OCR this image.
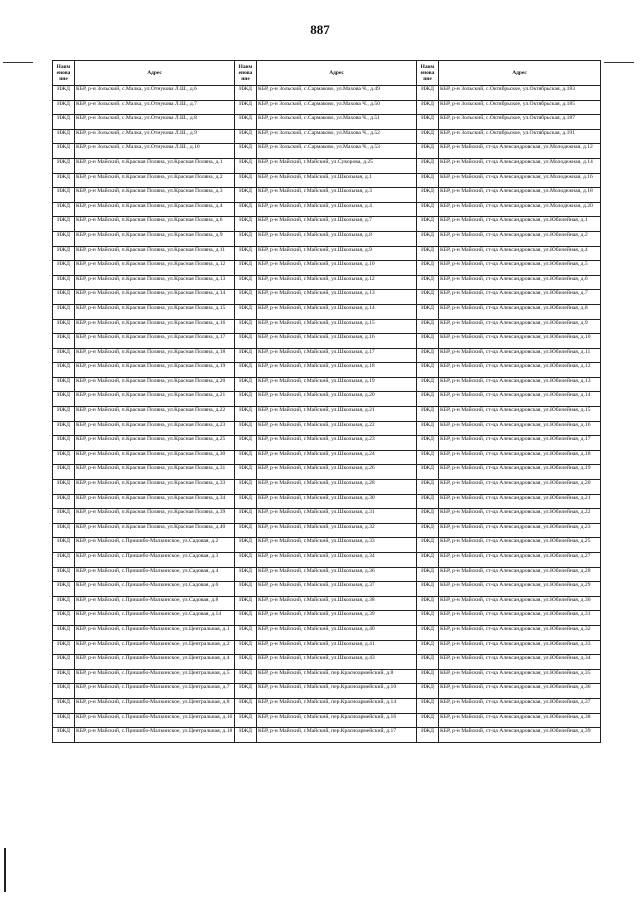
887
Наим енова ние	Адрес	Наим енова ние	Адрес	Наим енова ние	Адрес
ИЖД	КБР, р-н Зольский, с.Малка, ул.Отнукова Л.Ш., д.6	ИЖД	КБР, р-н Зольский, с.Сармаково, ул.Махова Ч., д.49	ИЖД	КБР, р-н Зольский, с.Октябрьское, ул.Октябрьская, д.183
ИЖД	КБР, р-н Зольский, с.Малка, ул.Отнукова Л.Ш., д.7	ИЖД	КБР, р-н Зольский, с.Сармаково, ул.Махова Ч., д.50	ИЖД	КБР, р-н Зольский, с.Октябрьское, ул.Октябрьская, д.185
ИЖД	КБР, р-н Зольский, с.Малка, ул.Отнукова Л.Ш., д.8	ИЖД	КБР, р-н Зольский, с.Сармаково, ул.Махова Ч., д.51	ИЖД	КБР, р-н Зольский, с.Октябрьское, ул.Октябрьская, д.187
ИЖД	КБР, р-н Зольский, с.Малка, ул.Отнукова Л.Ш., д.9	ИЖД	КБР, р-н Зольский, с.Сармаково, ул.Махова Ч., д.52	ИЖД	КБР, р-н Зольский, с.Октябрьское, ул.Октябрьская, д.191
ИЖД	КБР, р-н Зольский, с.Малка, ул.Отнукова Л.Ш., д.10	ИЖД	КБР, р-н Зольский, с.Сармаково, ул.Махова Ч., д.53	ИЖД	КБР, р-н Майский, ст-ца Александровская, ул.Молодежная, д.12
ИЖД	КБР, р-н Майский, п.Красная Поляна, ул.Красная Поляна, д.1	ИЖД	КБР, р-н Майский, г.Майский, ул.Суворова, д.25	ИЖД	КБР, р-н Майский, ст-ца Александровская, ул.Молодежная, д.14
ИЖД	КБР, р-н Майский, п.Красная Поляна, ул.Красная Поляна, д.2	ИЖД	КБР, р-н Майский, г.Майский, ул.Школьная, д.1	ИЖД	КБР, р-н Майский, ст-ца Александровская, ул.Молодежная, д.16
ИЖД	КБР, р-н Майский, п.Красная Поляна, ул.Красная Поляна, д.3	ИЖД	КБР, р-н Майский, г.Майский, ул.Школьная, д.3	ИЖД	КБР, р-н Майский, ст-ца Александровская, ул.Молодежная, д.18
ИЖД	КБР, р-н Майский, п.Красная Поляна, ул.Красная Поляна, д.4	ИЖД	КБР, р-н Майский, г.Майский, ул.Школьная, д.4	ИЖД	КБР, р-н Майский, ст-ца Александровская, ул.Молодежная, д.20
ИЖД	КБР, р-н Майский, п.Красная Поляна, ул.Красная Поляна, д.6	ИЖД	КБР, р-н Майский, г.Майский, ул.Школьная, д.7	ИЖД	КБР, р-н Майский, ст-ца Александровская, ул.Юбилейная, д.1
ИЖД	КБР, р-н Майский, п.Красная Поляна, ул.Красная Поляна, д.9	ИЖД	КБР, р-н Майский, г.Майский, ул.Школьная, д.8	ИЖД	КБР, р-н Майский, ст-ца Александровская, ул.Юбилейная, д.2
ИЖД	КБР, р-н Майский, п.Красная Поляна, ул.Красная Поляна, д.11	ИЖД	КБР, р-н Майский, г.Майский, ул.Школьная, д.9	ИЖД	КБР, р-н Майский, ст-ца Александровская, ул.Юбилейная, д.4
ИЖД	КБР, р-н Майский, п.Красная Поляна, ул.Красная Поляна, д.12	ИЖД	КБР, р-н Майский, г.Майский, ул.Школьная, д.10	ИЖД	КБР, р-н Майский, ст-ца Александровская, ул.Юбилейная, д.5
ИЖД	КБР, р-н Майский, п.Красная Поляна, ул.Красная Поляна, д.13	ИЖД	КБР, р-н Майский, г.Майский, ул.Школьная, д.12	ИЖД	КБР, р-н Майский, ст-ца Александровская, ул.Юбилейная, д.6
ИЖД	КБР, р-н Майский, п.Красная Поляна, ул.Красная Поляна, д.14	ИЖД	КБР, р-н Майский, г.Майский, ул.Школьная, д.13	ИЖД	КБР, р-н Майский, ст-ца Александровская, ул.Юбилейная, д.7
ИЖД	КБР, р-н Майский, п.Красная Поляна, ул.Красная Поляна, д.15	ИЖД	КБР, р-н Майский, г.Майский, ул.Школьная, д.14	ИЖД	КБР, р-н Майский, ст-ца Александровская, ул.Юбилейная, д.8
ИЖД	КБР, р-н Майский, п.Красная Поляна, ул.Красная Поляна, д.16	ИЖД	КБР, р-н Майский, г.Майский, ул.Школьная, д.15	ИЖД	КБР, р-н Майский, ст-ца Александровская, ул.Юбилейная, д.9
ИЖД	КБР, р-н Майский, п.Красная Поляна, ул.Красная Поляна, д.17	ИЖД	КБР, р-н Майский, г.Майский, ул.Школьная, д.16	ИЖД	КБР, р-н Майский, ст-ца Александровская, ул.Юбилейная, д.10
ИЖД	КБР, р-н Майский, п.Красная Поляна, ул.Красная Поляна, д.18	ИЖД	КБР, р-н Майский, г.Майский, ул.Школьная, д.17	ИЖД	КБР, р-н Майский, ст-ца Александровская, ул.Юбилейная, д.11
ИЖД	КБР, р-н Майский, п.Красная Поляна, ул.Красная Поляна, д.19	ИЖД	КБР, р-н Майский, г.Майский, ул.Школьная, д.18	ИЖД	КБР, р-н Майский, ст-ца Александровская, ул.Юбилейная, д.12
ИЖД	КБР, р-н Майский, п.Красная Поляна, ул.Красная Поляна, д.20	ИЖД	КБР, р-н Майский, г.Майский, ул.Школьная, д.19	ИЖД	КБР, р-н Майский, ст-ца Александровская, ул.Юбилейная, д.13
ИЖД	КБР, р-н Майский, п.Красная Поляна, ул.Красная Поляна, д.21	ИЖД	КБР, р-н Майский, г.Майский, ул.Школьная, д.20	ИЖД	КБР, р-н Майский, ст-ца Александровская, ул.Юбилейная, д.14
ИЖД	КБР, р-н Майский, п.Красная Поляна, ул.Красная Поляна, д.22	ИЖД	КБР, р-н Майский, г.Майский, ул.Школьная, д.21	ИЖД	КБР, р-н Майский, ст-ца Александровская, ул.Юбилейная, д.15
ИЖД	КБР, р-н Майский, п.Красная Поляна, ул.Красная Поляна, д.23	ИЖД	КБР, р-н Майский, г.Майский, ул.Школьная, д.22	ИЖД	КБР, р-н Майский, ст-ца Александровская, ул.Юбилейная, д.16
ИЖД	КБР, р-н Майский, п.Красная Поляна, ул.Красная Поляна, д.25	ИЖД	КБР, р-н Майский, г.Майский, ул.Школьная, д.23	ИЖД	КБР, р-н Майский, ст-ца Александровская, ул.Юбилейная, д.17
ИЖД	КБР, р-н Майский, п.Красная Поляна, ул.Красная Поляна, д.30	ИЖД	КБР, р-н Майский, г.Майский, ул.Школьная, д.24	ИЖД	КБР, р-н Майский, ст-ца Александровская, ул.Юбилейная, д.18
ИЖД	КБР, р-н Майский, п.Красная Поляна, ул.Красная Поляна, д.31	ИЖД	КБР, р-н Майский, г.Майский, ул.Школьная, д.26	ИЖД	КБР, р-н Майский, ст-ца Александровская, ул.Юбилейная, д.19
ИЖД	КБР, р-н Майский, п.Красная Поляна, ул.Красная Поляна, д.33	ИЖД	КБР, р-н Майский, г.Майский, ул.Школьная, д.28	ИЖД	КБР, р-н Майский, ст-ца Александровская, ул.Юбилейная, д.20
ИЖД	КБР, р-н Майский, п.Красная Поляна, ул.Красная Поляна, д.34	ИЖД	КБР, р-н Майский, г.Майский, ул.Школьная, д.30	ИЖД	КБР, р-н Майский, ст-ца Александровская, ул.Юбилейная, д.21
ИЖД	КБР, р-н Майский, п.Красная Поляна, ул.Красная Поляна, д.39	ИЖД	КБР, р-н Майский, г.Майский, ул.Школьная, д.31	ИЖД	КБР, р-н Майский, ст-ца Александровская, ул.Юбилейная, д.22
ИЖД	КБР, р-н Майский, п.Красная Поляна, ул.Красная Поляна, д.40	ИЖД	КБР, р-н Майский, г.Майский, ул.Школьная, д.32	ИЖД	КБР, р-н Майский, ст-ца Александровская, ул.Юбилейная, д.23
ИЖД	КБР, р-н Майский, с.Пришибо-Малкинское, ул.Садовая, д.2	ИЖД	КБР, р-н Майский, г.Майский, ул.Школьная, д.33	ИЖД	КБР, р-н Майский, ст-ца Александровская, ул.Юбилейная, д.25
ИЖД	КБР, р-н Майский, с.Пришибо-Малкинское, ул.Садовая, д.3	ИЖД	КБР, р-н Майский, г.Майский, ул.Школьная, д.34	ИЖД	КБР, р-н Майский, ст-ца Александровская, ул.Юбилейная, д.27
ИЖД	КБР, р-н Майский, с.Пришибо-Малкинское, ул.Садовая, д.4	ИЖД	КБР, р-н Майский, г.Майский, ул.Школьная, д.36	ИЖД	КБР, р-н Майский, ст-ца Александровская, ул.Юбилейная, д.28
ИЖД	КБР, р-н Майский, с.Пришибо-Малкинское, ул.Садовая, д.6	ИЖД	КБР, р-н Майский, г.Майский, ул.Школьная, д.37	ИЖД	КБР, р-н Майский, ст-ца Александровская, ул.Юбилейная, д.29
ИЖД	КБР, р-н Майский, с.Пришибо-Малкинское, ул.Садовая, д.8	ИЖД	КБР, р-н Майский, г.Майский, ул.Школьная, д.38	ИЖД	КБР, р-н Майский, ст-ца Александровская, ул.Юбилейная, д.30
ИЖД	КБР, р-н Майский, с.Пришибо-Малкинское, ул.Садовая, д.14	ИЖД	КБР, р-н Майский, г.Майский, ул.Школьная, д.39	ИЖД	КБР, р-н Майский, ст-ца Александровская, ул.Юбилейная, д.31
ИЖД	КБР, р-н Майский, с.Пришибо-Малкинское, ул.Центральная, д.1	ИЖД	КБР, р-н Майский, г.Майский, ул.Школьная, д.40	ИЖД	КБР, р-н Майский, ст-ца Александровская, ул.Юбилейная, д.32
ИЖД	КБР, р-н Майский, с.Пришибо-Малкинское, ул.Центральная, д.2	ИЖД	КБР, р-н Майский, г.Майский, ул.Школьная, д.41	ИЖД	КБР, р-н Майский, ст-ца Александровская, ул.Юбилейная, д.33
ИЖД	КБР, р-н Майский, с.Пришибо-Малкинское, ул.Центральная, д.4	ИЖД	КБР, р-н Майский, г.Майский, ул.Школьная, д.43	ИЖД	КБР, р-н Майский, ст-ца Александровская, ул.Юбилейная, д.34
ИЖД	КБР, р-н Майский, с.Пришибо-Малкинское, ул.Центральная, д.5	ИЖД	КБР, р-н Майский, г.Майский, пер.Красноармейский, д.8	ИЖД	КБР, р-н Майский, ст-ца Александровская, ул.Юбилейная, д.35
ИЖД	КБР, р-н Майский, с.Пришибо-Малкинское, ул.Центральная, д.7	ИЖД	КБР, р-н Майский, г.Майский, пер.Красноармейский, д.10	ИЖД	КБР, р-н Майский, ст-ца Александровская, ул.Юбилейная, д.36
ИЖД	КБР, р-н Майский, с.Пришибо-Малкинское, ул.Центральная, д.8	ИЖД	КБР, р-н Майский, г.Майский, пер.Красноармейский, д.14	ИЖД	КБР, р-н Майский, ст-ца Александровская, ул.Юбилейная, д.37
ИЖД	КБР, р-н Майский, с.Пришибо-Малкинское, ул.Центральная, д.16	ИЖД	КБР, р-н Майский, г.Майский, пер.Красноармейский, д.16	ИЖД	КБР, р-н Майский, ст-ца Александровская, ул.Юбилейная, д.38
ИЖД	КБР, р-н Майский, с.Пришибо-Малкинское, ул.Центральная, д.18	ИЖД	КБР, р-н Майский, г.Майский, пер.Красноармейский, д.17	ИЖД	КБР, р-н Майский, ст-ца Александровская, ул.Юбилейная, д.39
